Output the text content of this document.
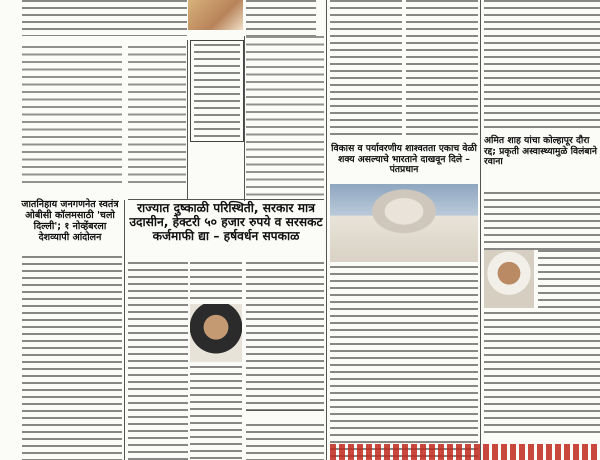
जातनिहाय जनगणनेत स्वतंत्र ओबीसी कॉलमसाठी 'चलो दिल्ली'; १ नोव्हेंबरला देशव्यापी आंदोलन
राज्यात दुष्काळी परिस्थिती, सरकार मात्र उदासीन, हेक्टरी ५० हजार रुपये व सरसकट कर्जमाफी द्या – हर्षवर्धन सपकाळ
विकास व पर्यावरणीय शाश्वतता एकाच वेळी शक्य असल्याचे भारताने दाखवून दिले – पंतप्रधान
अमित शाह यांचा कोल्हापूर दौरा रद्द; प्रकृती अस्वास्थ्यामुळे विलंबाने रवाना
